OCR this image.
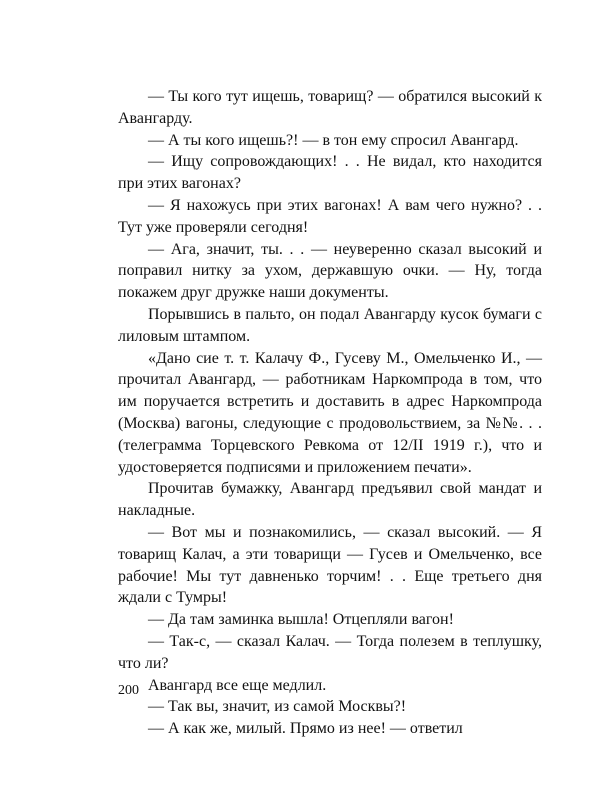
— Ты кого тут ищешь, товарищ? — обратился высокий к Авангарду.

— А ты кого ищешь?! — в тон ему спросил Авангард.

— Ищу сопровождающих! . . Не видал, кто находится при этих вагонах?

— Я нахожусь при этих вагонах! А вам чего нужно? . . Тут уже проверяли сегодня!

— Ага, значит, ты. . . — неуверенно сказал высокий и поправил нитку за ухом, державшую очки. — Ну, тогда покажем друг дружке наши документы.

Порывшись в пальто, он подал Авангарду кусок бумаги с лиловым штампом.

«Дано сие т. т. Калачу Ф., Гусеву М., Омельченко И., — прочитал Авангард, — работникам Наркомпрода в том, что им поручается встретить и доставить в адрес Наркомпрода (Москва) вагоны, следующие с продовольствием, за №№. . . (телеграмма Торцевского Ревкома от 12/II 1919 г.), что и удостоверяется подписями и приложением печати».

Прочитав бумажку, Авангард предъявил свой мандат и накладные.

— Вот мы и познакомились, — сказал высокий. — Я товарищ Калач, а эти товарищи — Гусев и Омельченко, все рабочие! Мы тут давненько торчим! . . Еще третьего дня ждали с Тумры!

— Да там заминка вышла! Отцепляли вагон!

— Так-с, — сказал Калач. — Тогда полезем в теплушку, что ли?

Авангард все еще медлил.

— Так вы, значит, из самой Москвы?!

— А как же, милый. Прямо из нее! — ответил

200
